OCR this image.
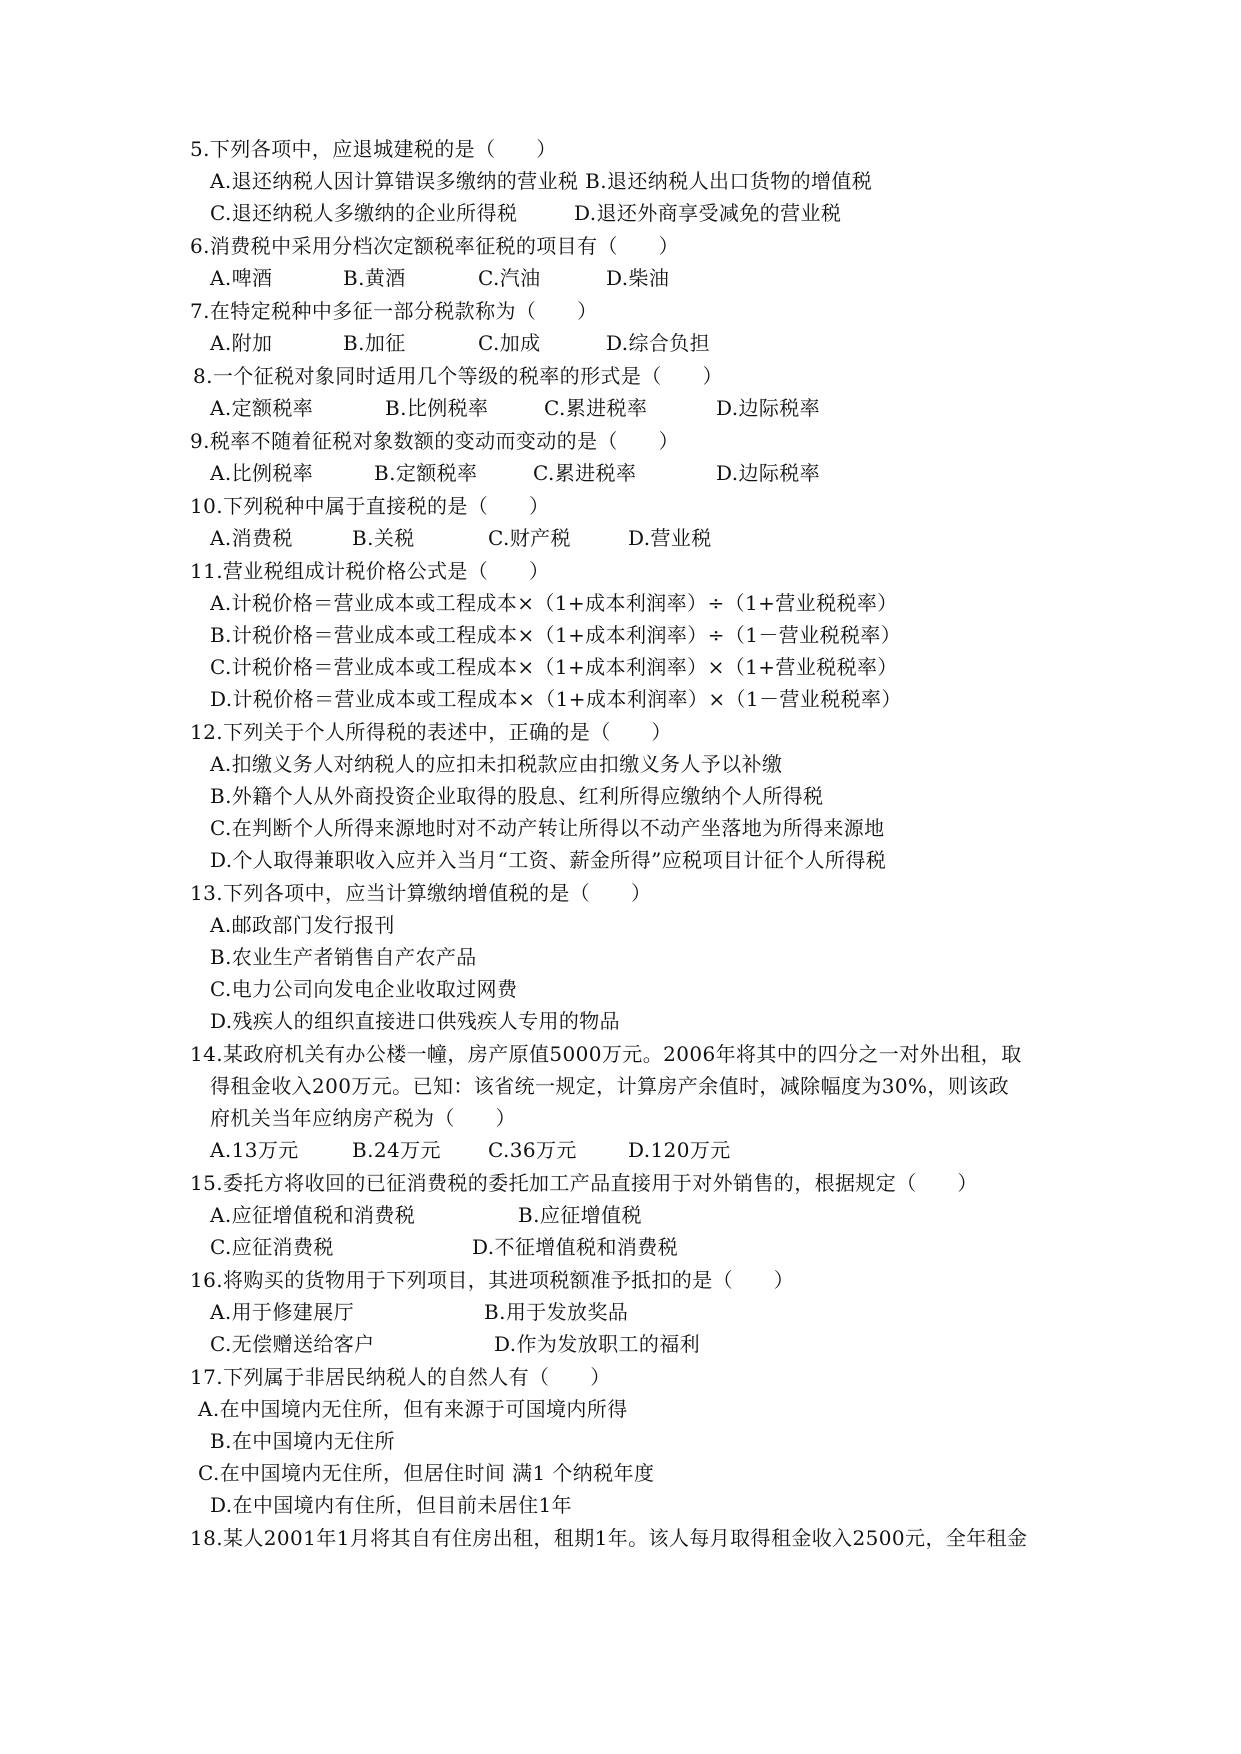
5.下列各项中，应退城建税的是（　　）
A.退还纳税人因计算错误多缴纳的营业税 B.退还纳税人出口货物的增值税
C.退还纳税人多缴纳的企业所得税	D.退还外商享受减免的营业税
6.消费税中采用分档次定额税率征税的项目有（　　）
A.啤酒	B.黄酒	C.汽油	D.柴油
7.在特定税种中多征一部分税款称为（　　）
A.附加	B.加征	C.加成	D.综合负担
8.一个征税对象同时适用几个等级的税率的形式是（　　）
A.定额税率	B.比例税率	C.累进税率	D.边际税率
9.税率不随着征税对象数额的变动而变动的是（　　）
A.比例税率	B.定额税率	C.累进税率	D.边际税率
10.下列税种中属于直接税的是（　　）
A.消费税	B.关税	C.财产税	D.营业税
11.营业税组成计税价格公式是（　　）
A.计税价格＝营业成本或工程成本×（1+成本利润率）÷（1+营业税税率）
B.计税价格＝营业成本或工程成本×（1+成本利润率）÷（1－营业税税率）
C.计税价格＝营业成本或工程成本×（1+成本利润率）×（1+营业税税率）
D.计税价格＝营业成本或工程成本×（1+成本利润率）×（1－营业税税率）
12.下列关于个人所得税的表述中，正确的是（　　）
A.扣缴义务人对纳税人的应扣未扣税款应由扣缴义务人予以补缴
B.外籍个人从外商投资企业取得的股息、红利所得应缴纳个人所得税
C.在判断个人所得来源地时对不动产转让所得以不动产坐落地为所得来源地
D.个人取得兼职收入应并入当月“工资、薪金所得”应税项目计征个人所得税
13.下列各项中，应当计算缴纳增值税的是（　　）
A.邮政部门发行报刊
B.农业生产者销售自产农产品
C.电力公司向发电企业收取过网费
D.残疾人的组织直接进口供残疾人专用的物品
14.某政府机关有办公楼一幢，房产原值5000万元。2006年将其中的四分之一对外出租，取
得租金收入200万元。已知：该省统一规定，计算房产余值时，减除幅度为30%，则该政
府机关当年应纳房产税为（　　）
A.13万元	B.24万元 C.36万元	D.120万元
15.委托方将收回的已征消费税的委托加工产品直接用于对外销售的，根据规定（　　）
A.应征增值税和消费税	B.应征增值税
C.应征消费税	D.不征增值税和消费税
16.将购买的货物用于下列项目，其进项税额准予抵扣的是（　　）
A.用于修建展厅	B.用于发放奖品
C.无偿赠送给客户	D.作为发放职工的福利
17.下列属于非居民纳税人的自然人有（　　）
A.在中国境内无住所，但有来源于可国境内所得
B.在中国境内无住所
C.在中国境内无住所，但居住时间 满1 个纳税年度
D.在中国境内有住所，但目前未居住1年
18.某人2001年1月将其自有住房出租，租期1年。该人每月取得租金收入2500元，全年租金
